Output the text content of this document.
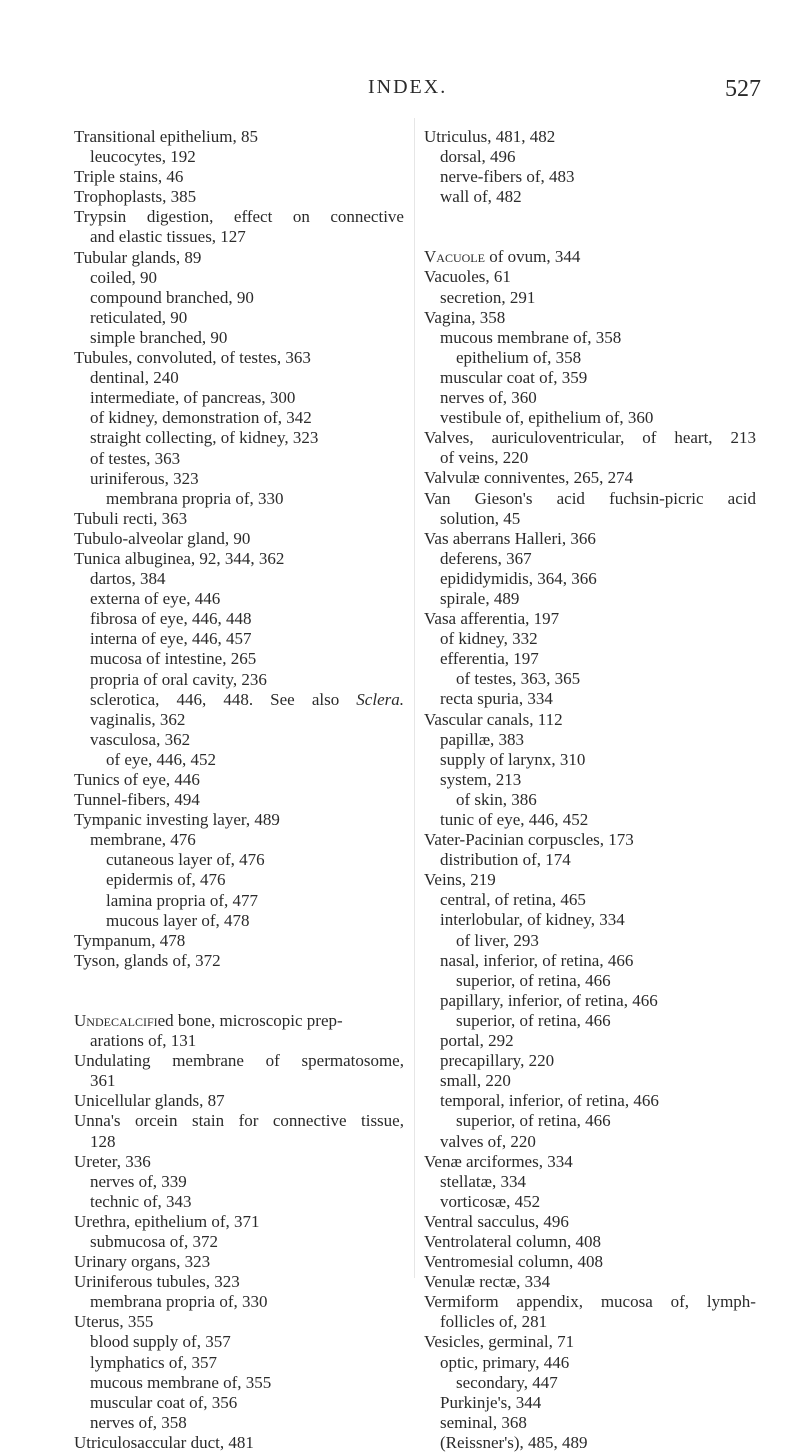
INDEX.	527
Transitional epithelium, 85
leucocytes, 192
Triple stains, 46
Trophoplasts, 385
Trypsin digestion, effect on connective
and elastic tissues, 127
Tubular glands, 89
coiled, 90
compound branched, 90
reticulated, 90
simple branched, 90
Tubules, convoluted, of testes, 363
dentinal, 240
intermediate, of pancreas, 300
of kidney, demonstration of, 342
straight collecting, of kidney, 323
of testes, 363
uriniferous, 323
membrana propria of, 330
Tubuli recti, 363
Tubulo-alveolar gland, 90
Tunica albuginea, 92, 344, 362
dartos, 384
externa of eye, 446
fibrosa of eye, 446, 448
interna of eye, 446, 457
mucosa of intestine, 265
propria of oral cavity, 236
sclerotica, 446, 448. See also Sclera.
vaginalis, 362
vasculosa, 362
of eye, 446, 452
Tunics of eye, 446
Tunnel-fibers, 494
Tympanic investing layer, 489
membrane, 476
cutaneous layer of, 476
epidermis of, 476
lamina propria of, 477
mucous layer of, 478
Tympanum, 478
Tyson, glands of, 372
Undecalcified bone, microscopic prep-
arations of, 131
Undulating membrane of spermatosome,
361
Unicellular glands, 87
Unna's orcein stain for connective tissue,
128
Ureter, 336
nerves of, 339
technic of, 343
Urethra, epithelium of, 371
submucosa of, 372
Urinary organs, 323
Uriniferous tubules, 323
membrana propria of, 330
Uterus, 355
blood supply of, 357
lymphatics of, 357
mucous membrane of, 355
muscular coat of, 356
nerves of, 358
Utriculosaccular duct, 481
Utriculus, 481, 482
dorsal, 496
nerve-fibers of, 483
wall of, 482
Vacuole of ovum, 344
Vacuoles, 61
secretion, 291
Vagina, 358
mucous membrane of, 358
epithelium of, 358
muscular coat of, 359
nerves of, 360
vestibule of, epithelium of, 360
Valves, auriculoventricular, of heart, 213
of veins, 220
Valvulæ conniventes, 265, 274
Van Gieson's acid fuchsin-picric acid
solution, 45
Vas aberrans Halleri, 366
deferens, 367
epididymidis, 364, 366
spirale, 489
Vasa afferentia, 197
of kidney, 332
efferentia, 197
of testes, 363, 365
recta spuria, 334
Vascular canals, 112
papillæ, 383
supply of larynx, 310
system, 213
of skin, 386
tunic of eye, 446, 452
Vater-Pacinian corpuscles, 173
distribution of, 174
Veins, 219
central, of retina, 465
interlobular, of kidney, 334
of liver, 293
nasal, inferior, of retina, 466
superior, of retina, 466
papillary, inferior, of retina, 466
superior, of retina, 466
portal, 292
precapillary, 220
small, 220
temporal, inferior, of retina, 466
superior, of retina, 466
valves of, 220
Venæ arciformes, 334
stellatæ, 334
vorticosæ, 452
Ventral sacculus, 496
Ventrolateral column, 408
Ventromesial column, 408
Venulæ rectæ, 334
Vermiform appendix, mucosa of, lymph-
follicles of, 281
Vesicles, germinal, 71
optic, primary, 446
secondary, 447
Purkinje's, 344
seminal, 368
(Reissner's), 485, 489
